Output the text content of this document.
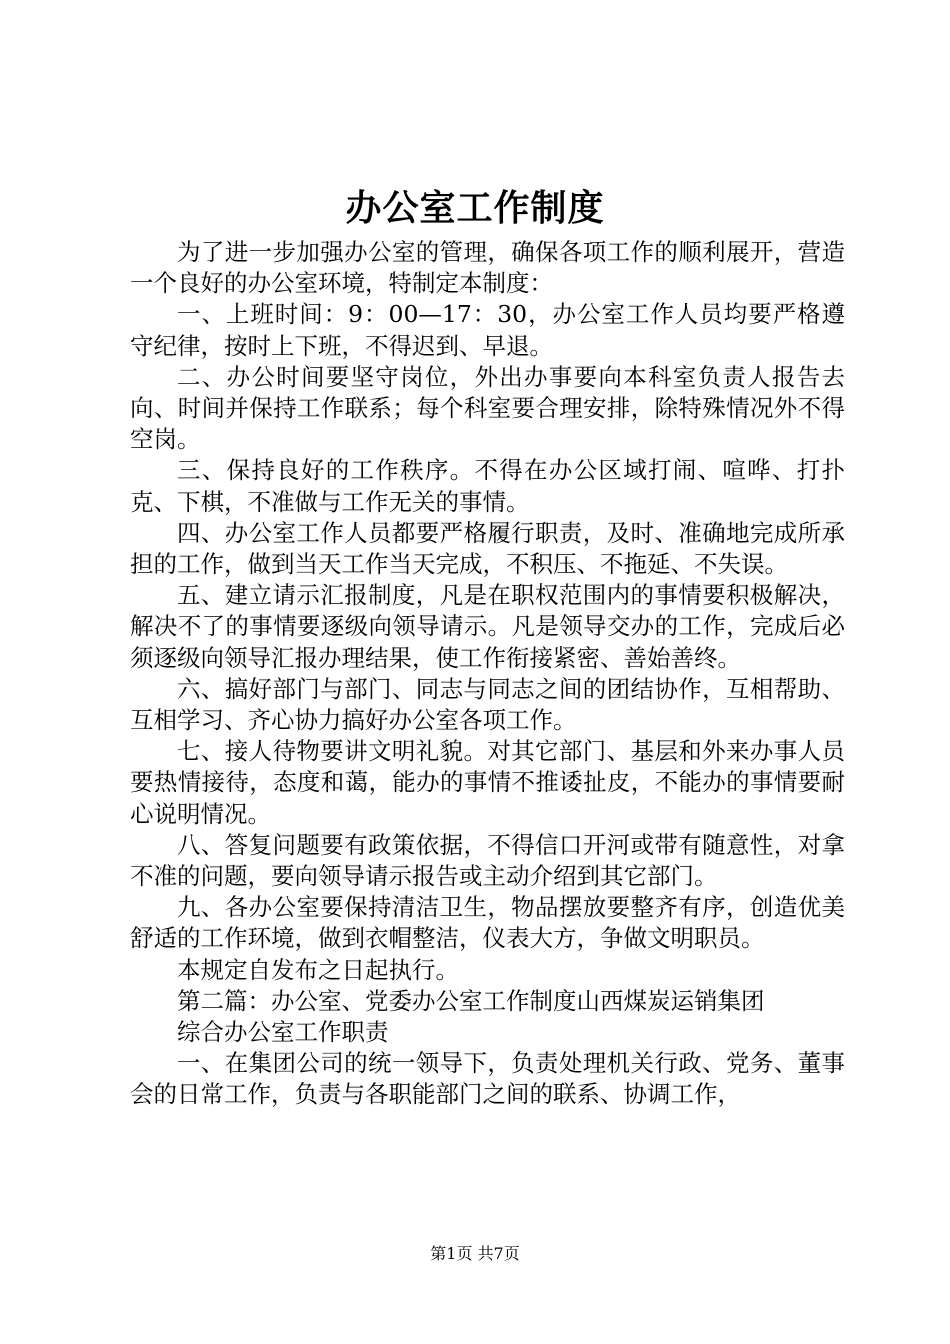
办公室工作制度

为了进一步加强办公室的管理，确保各项工作的顺利展开，营造一个良好的办公室环境，特制定本制度：

一、上班时间：9：00—17：30，办公室工作人员均要严格遵守纪律，按时上下班，不得迟到、早退。

二、办公时间要坚守岗位，外出办事要向本科室负责人报告去向、时间并保持工作联系；每个科室要合理安排，除特殊情况外不得空岗。

三、保持良好的工作秩序。不得在办公区域打闹、喧哗、打扑克、下棋，不准做与工作无关的事情。

四、办公室工作人员都要严格履行职责，及时、准确地完成所承担的工作，做到当天工作当天完成，不积压、不拖延、不失误。

五、建立请示汇报制度，凡是在职权范围内的事情要积极解决，解决不了的事情要逐级向领导请示。凡是领导交办的工作，完成后必须逐级向领导汇报办理结果，使工作衔接紧密、善始善终。

六、搞好部门与部门、同志与同志之间的团结协作，互相帮助、互相学习、齐心协力搞好办公室各项工作。

七、接人待物要讲文明礼貌。对其它部门、基层和外来办事人员要热情接待，态度和蔼，能办的事情不推诿扯皮，不能办的事情要耐心说明情况。

八、答复问题要有政策依据，不得信口开河或带有随意性，对拿不准的问题，要向领导请示报告或主动介绍到其它部门。

九、各办公室要保持清洁卫生，物品摆放要整齐有序，创造优美舒适的工作环境，做到衣帽整洁，仪表大方，争做文明职员。

本规定自发布之日起执行。

第二篇：办公室、党委办公室工作制度山西煤炭运销集团

综合办公室工作职责

一、在集团公司的统一领导下，负责处理机关行政、党务、董事会的日常工作，负责与各职能部门之间的联系、协调工作，

第1页 共7页
